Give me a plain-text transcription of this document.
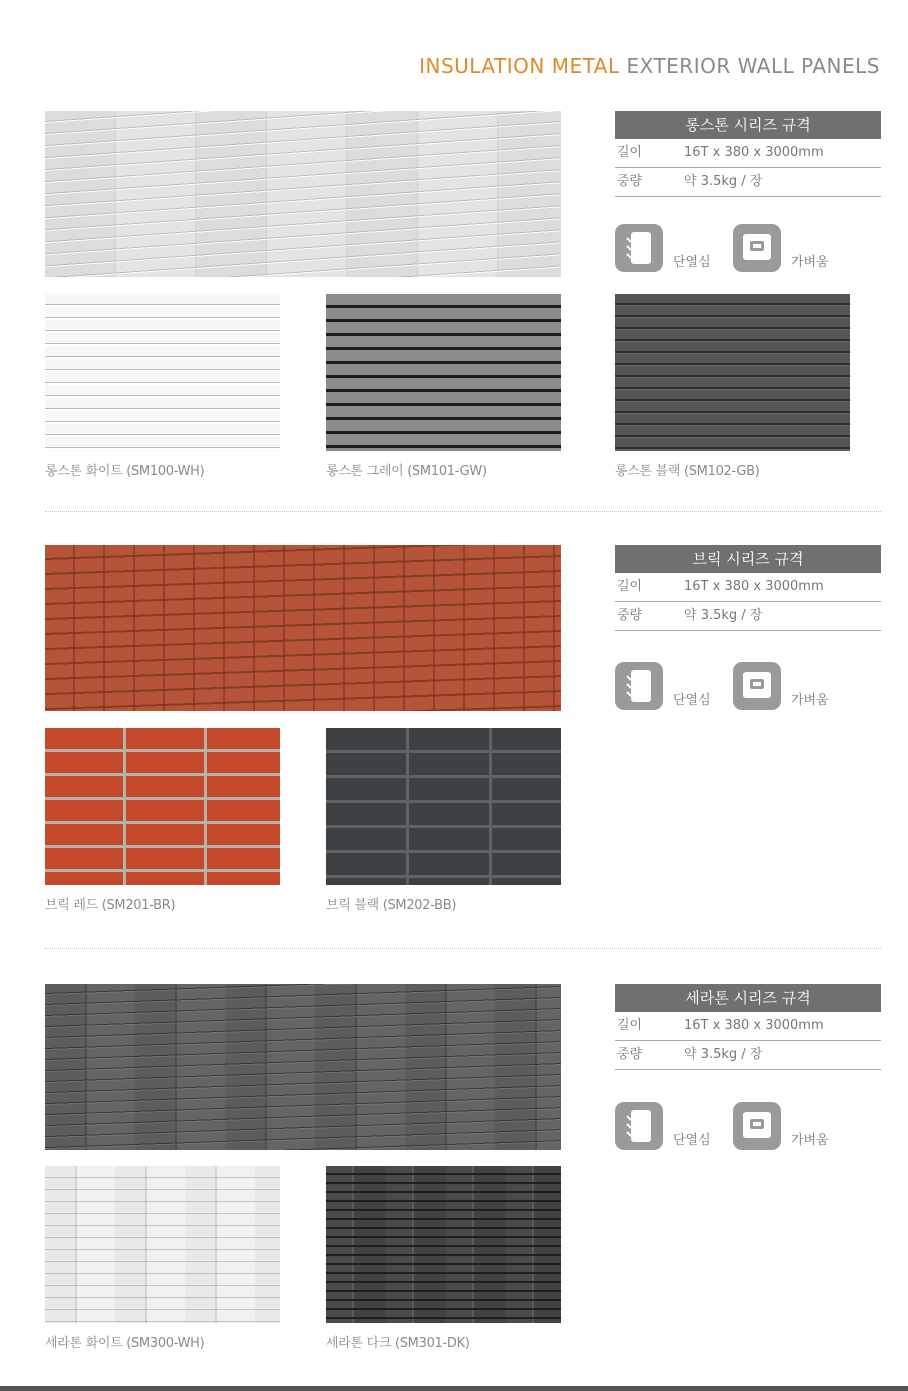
INSULATION METAL EXTERIOR WALL PANELS
롱스톤 시리즈 규격
길이	16T x 380 x 3000mm
중량	약 3.5kg / 장
단열심	가벼움
롱스톤 화이트 (SM100-WH)	롱스톤 그레이 (SM101-GW)	롱스톤 블랙 (SM102-GB)
브릭 시리즈 규격
길이	16T x 380 x 3000mm
중량	약 3.5kg / 장
단열심	가벼움
브릭 레드 (SM201-BR)	브릭 블랙 (SM202-BB)
세라톤 시리즈 규격
길이	16T x 380 x 3000mm
중량	약 3.5kg / 장
단열심	가벼움
세라톤 화이트 (SM300-WH)	세라톤 다크 (SM301-DK)
